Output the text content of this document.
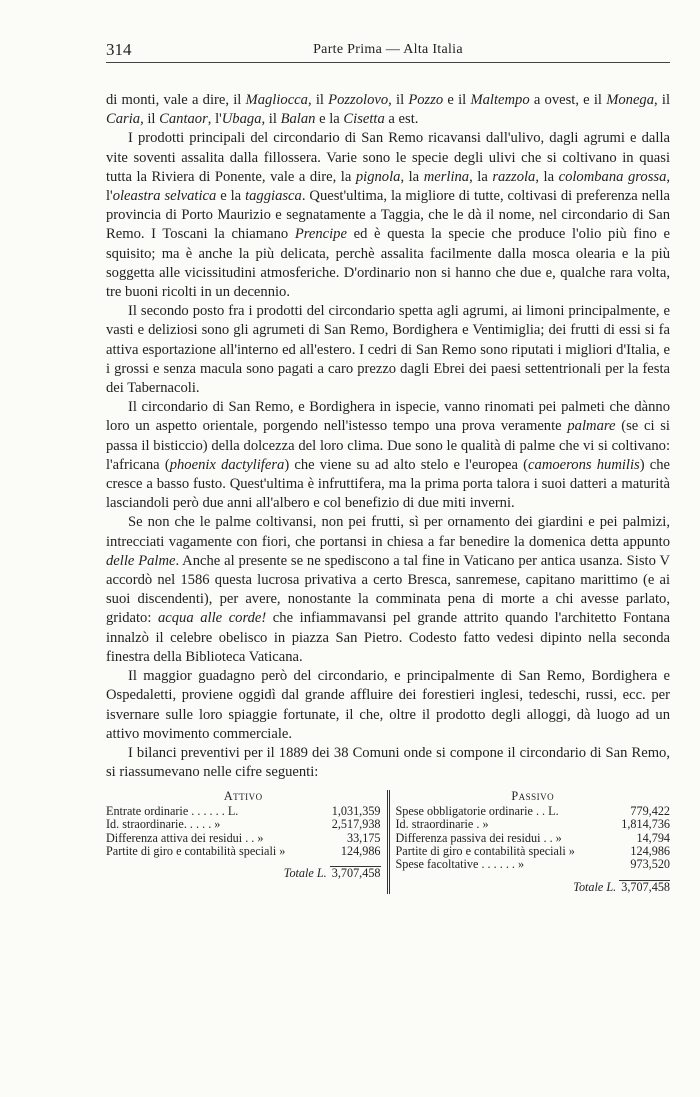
314	Parte Prima — Alta Italia

di monti, vale a dire, il Magliocca, il Pozzolovo, il Pozzo e il Maltempo a ovest, e il Monega, il Caria, il Cantaor, l'Ubaga, il Balan e la Cisetta a est.

I prodotti principali del circondario di San Remo ricavansi dall'ulivo, dagli agrumi e dalla vite soventi assalita dalla fillossera. Varie sono le specie degli ulivi che si coltivano in quasi tutta la Riviera di Ponente, vale a dire, la pignola, la merlina, la razzola, la colombana grossa, l'oleastra selvatica e la taggiasca. Quest'ultima, la migliore di tutte, coltivasi di preferenza nella provincia di Porto Maurizio e segnatamente a Taggia, che le dà il nome, nel circondario di San Remo. I Toscani la chiamano Prencipe ed è questa la specie che produce l'olio più fino e squisito; ma è anche la più delicata, perchè assalita facilmente dalla mosca olearia e la più soggetta alle vicissitudini atmosferiche. D'ordinario non si hanno che due e, qualche rara volta, tre buoni ricolti in un decennio.

Il secondo posto fra i prodotti del circondario spetta agli agrumi, ai limoni principalmente, e vasti e deliziosi sono gli agrumeti di San Remo, Bordighera e Ventimiglia; dei frutti di essi si fa attiva esportazione all'interno ed all'estero. I cedri di San Remo sono riputati i migliori d'Italia, e i grossi e senza macula sono pagati a caro prezzo dagli Ebrei dei paesi settentrionali per la festa dei Tabernacoli.

Il circondario di San Remo, e Bordighera in ispecie, vanno rinomati pei palmeti che dànno loro un aspetto orientale, porgendo nell'istesso tempo una prova veramente palmare (se ci si passa il bisticcio) della dolcezza del loro clima. Due sono le qualità di palme che vi si coltivano: l'africana (phoenix dactylifera) che viene su ad alto stelo e l'europea (camoerons humilis) che cresce a basso fusto. Quest'ultima è infruttifera, ma la prima porta talora i suoi datteri a maturità lasciandoli però due anni all'albero e col benefizio di due miti inverni.

Se non che le palme coltivansi, non pei frutti, sì per ornamento dei giardini e pei palmizi, intrecciati vagamente con fiori, che portansi in chiesa a far benedire la domenica detta appunto delle Palme. Anche al presente se ne spediscono a tal fine in Vaticano per antica usanza. Sisto V accordò nel 1586 questa lucrosa privativa a certo Bresca, sanremese, capitano marittimo (e ai suoi discendenti), per avere, nonostante la comminata pena di morte a chi avesse parlato, gridato: acqua alle corde! che infiammavansi pel grande attrito quando l'architetto Fontana innalzò il celebre obelisco in piazza San Pietro. Codesto fatto vedesi dipinto nella seconda finestra della Biblioteca Vaticana.

Il maggior guadagno però del circondario, e principalmente di San Remo, Bordighera e Ospedaletti, proviene oggidì dal grande affluire dei forestieri inglesi, tedeschi, russi, ecc. per isvernare sulle loro spiaggie fortunate, il che, oltre il prodotto degli alloggi, dà luogo ad un attivo movimento commerciale.

I bilanci preventivi per il 1889 dei 38 Comuni onde si compone il circondario di San Remo, si riassumevano nelle cifre seguenti:

Attivo
Entrate ordinarie . . . . . . L.	1,031,359
Id. straordinarie. . . . . »	2,517,938
Differenza attiva dei residui . . »	33,175
Partite di giro e contabilità speciali »	124,986
Totale L. 3,707,458

Passivo
Spese obbligatorie ordinarie . . L.	779,422
Id. straordinarie . »	1,814,736
Differenza passiva dei residui . . »	14,794
Partite di giro e contabilità speciali »	124,986
Spese facoltative . . . . . . »	973,520
Totale L. 3,707,458
